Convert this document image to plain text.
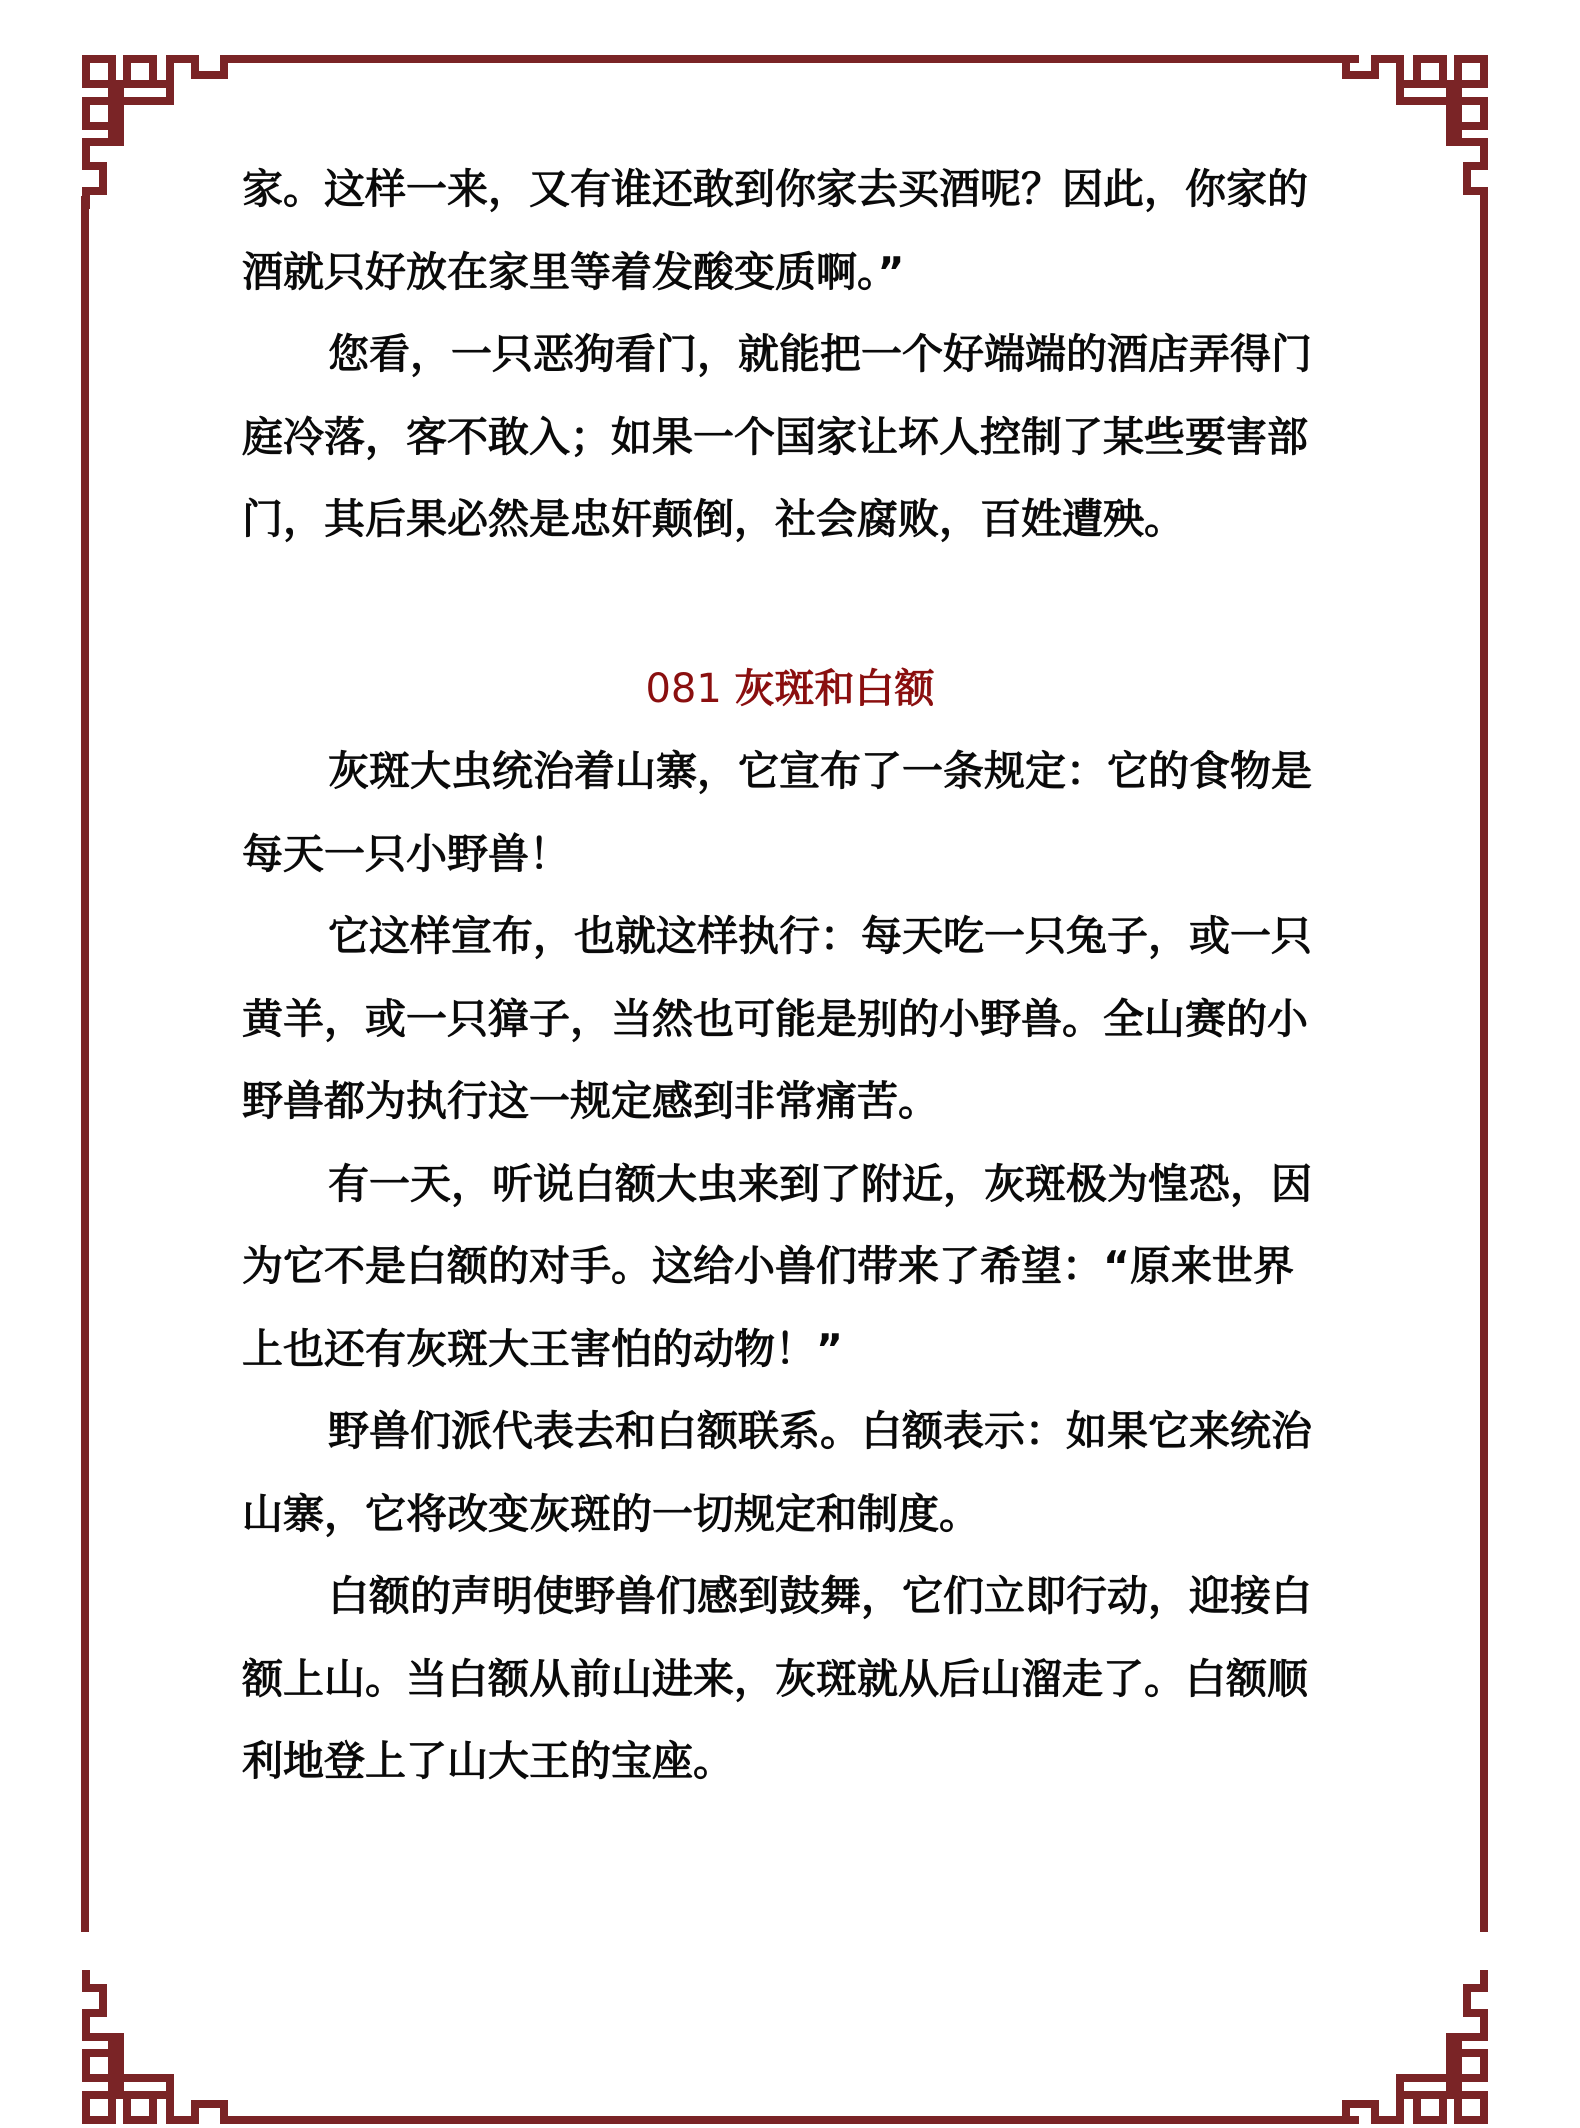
家。这样一来，又有谁还敢到你家去买酒呢？因此，你家的
酒就只好放在家里等着发酸变质啊。”
您看，一只恶狗看门，就能把一个好端端的酒店弄得门
庭冷落，客不敢入；如果一个国家让坏人控制了某些要害部
门，其后果必然是忠奸颠倒，社会腐败，百姓遭殃。
081 灰斑和白额
灰斑大虫统治着山寨，它宣布了一条规定：它的食物是
每天一只小野兽！
它这样宣布，也就这样执行：每天吃一只兔子，或一只
黄羊，或一只獐子，当然也可能是别的小野兽。全山赛的小
野兽都为执行这一规定感到非常痛苦。
有一天，听说白额大虫来到了附近，灰斑极为惶恐，因
为它不是白额的对手。这给小兽们带来了希望：“原来世界
上也还有灰斑大王害怕的动物！”
野兽们派代表去和白额联系。白额表示：如果它来统治
山寨，它将改变灰斑的一切规定和制度。
白额的声明使野兽们感到鼓舞，它们立即行动，迎接白
额上山。当白额从前山进来，灰斑就从后山溜走了。白额顺
利地登上了山大王的宝座。
